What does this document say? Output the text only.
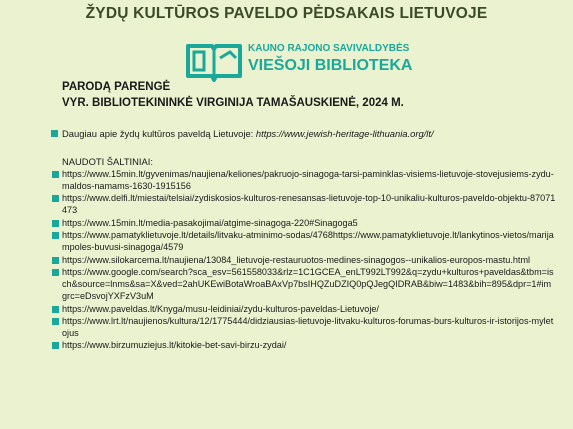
ŽYDŲ KULTŪROS PAVELDO PĖDSAKAIS LIETUVOJE
KAUNO RAJONO SAVIVALDYBĖS
VIEŠOJI BIBLIOTEKA
PARODĄ PARENGĖ
VYR. BIBLIOTEKININKĖ VIRGINIJA TAMAŠAUSKIENĖ, 2024 M.
Daugiau apie žydų kultūros paveldą Lietuvoje: https://www.jewish-heritage-lithuania.org/lt/
NAUDOTI ŠALTINIAI:
https://www.15min.lt/gyvenimas/naujiena/keliones/pakruojo-sinagoga-tarsi-paminklas-visiems-lietuvoje-stovejusiems-zydu-maldos-namams-1630-1915156
https://www.delfi.lt/miestai/telsiai/zydiskosios-kulturos-renesansas-lietuvoje-top-10-unikaliu-kulturos-paveldo-objektu-87071473
https://www.15min.lt/media-pasakojimai/atgime-sinagoga-220#Sinagoga5
https://www.pamatyklietuvoje.lt/details/litvaku-atminimo-sodas/4768https://www.pamatyklietuvoje.lt/lankytinos-vietos/marijampoles-buvusi-sinagoga/4579
https://www.silokarcema.lt/naujiena/13084_lietuvoje-restauruotos-medines-sinagogos--unikalios-europos-mastu.html
https://www.google.com/search?sca_esv=561558033&rlz=1C1GCEA_enLT992LT992&q=zydu+kulturos+paveldas&tbm=isch&source=lnms&sa=X&ved=2ahUKEwiBotaWroaBAxVp7bsIHQZuDZIQ0pQJegQIDRAB&biw=1483&bih=895&dpr=1#imgrc=eDsvojYXFzV3uM
https://www.paveldas.lt/Knyga/musu-leidiniai/zydu-kulturos-paveldas-Lietuvoje/
https://www.lrt.lt/naujienos/kultura/12/1775444/didziausias-lietuvoje-litvaku-kulturos-forumas-burs-kulturos-ir-istorijos-myletojus
https://www.birzumuziejus.lt/kitokie-bet-savi-birzu-zydai/
